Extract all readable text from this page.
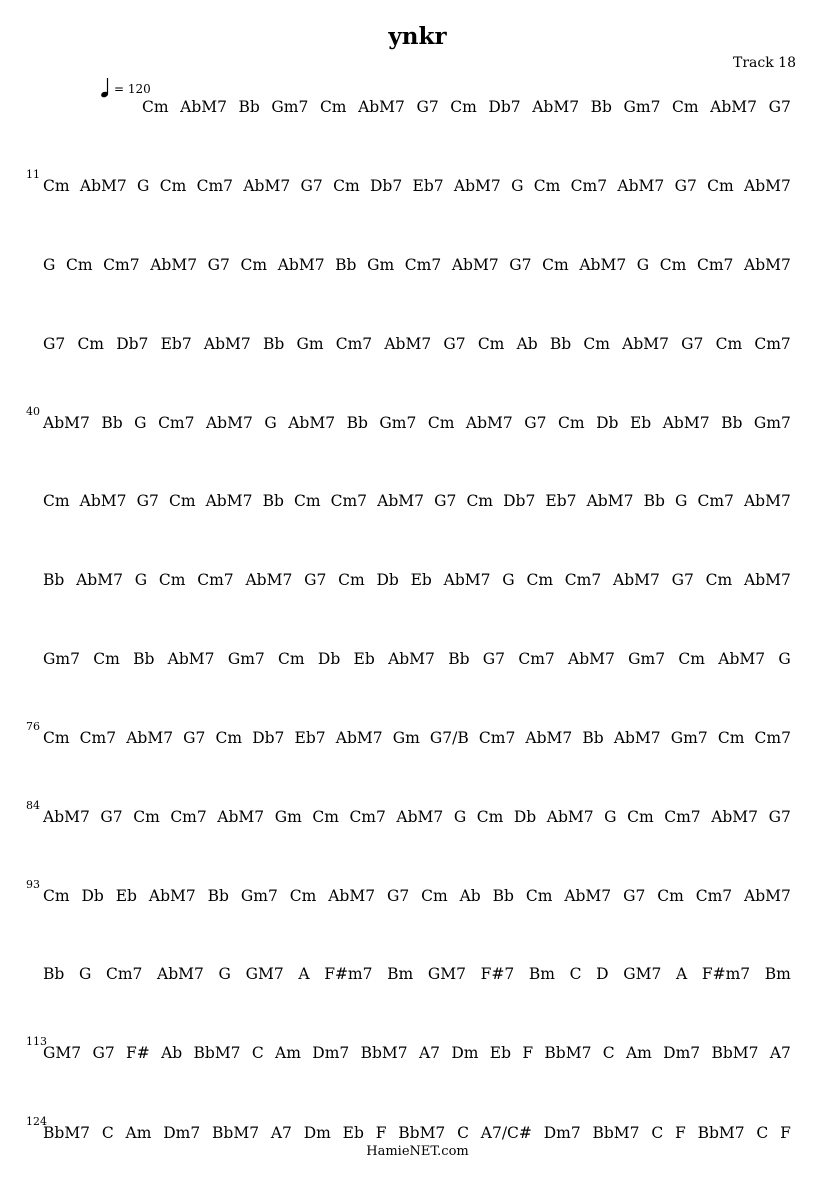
ynkr
Track 18
= 120
Cm AbM7 Bb Gm7 Cm AbM7 G7 Cm Db7 AbM7 Bb Gm7 Cm AbM7 G7
11
Cm AbM7 G Cm Cm7 AbM7 G7 Cm Db7 Eb7 AbM7 G Cm Cm7 AbM7 G7 Cm AbM7
G Cm Cm7 AbM7 G7 Cm AbM7 Bb Gm Cm7 AbM7 G7 Cm AbM7 G Cm Cm7 AbM7
G7 Cm Db7 Eb7 AbM7 Bb Gm Cm7 AbM7 G7 Cm Ab Bb Cm AbM7 G7 Cm Cm7
40
AbM7 Bb G Cm7 AbM7 G AbM7 Bb Gm7 Cm AbM7 G7 Cm Db Eb AbM7 Bb Gm7
Cm AbM7 G7 Cm AbM7 Bb Cm Cm7 AbM7 G7 Cm Db7 Eb7 AbM7 Bb G Cm7 AbM7
Bb AbM7 G Cm Cm7 AbM7 G7 Cm Db Eb AbM7 G Cm Cm7 AbM7 G7 Cm AbM7
Gm7 Cm Bb AbM7 Gm7 Cm Db Eb AbM7 Bb G7 Cm7 AbM7 Gm7 Cm AbM7 G
76
Cm Cm7 AbM7 G7 Cm Db7 Eb7 AbM7 Gm G7/B Cm7 AbM7 Bb AbM7 Gm7 Cm Cm7
84
AbM7 G7 Cm Cm7 AbM7 Gm Cm Cm7 AbM7 G Cm Db AbM7 G Cm Cm7 AbM7 G7
93
Cm Db Eb AbM7 Bb Gm7 Cm AbM7 G7 Cm Ab Bb Cm AbM7 G7 Cm Cm7 AbM7
Bb G Cm7 AbM7 G GM7 A F#m7 Bm GM7 F#7 Bm C D GM7 A F#m7 Bm
113
GM7 G7 F# Ab BbM7 C Am Dm7 BbM7 A7 Dm Eb F BbM7 C Am Dm7 BbM7 A7
124
BbM7 C Am Dm7 BbM7 A7 Dm Eb F BbM7 C A7/C# Dm7 BbM7 C F BbM7 C F
HamieNET.com
